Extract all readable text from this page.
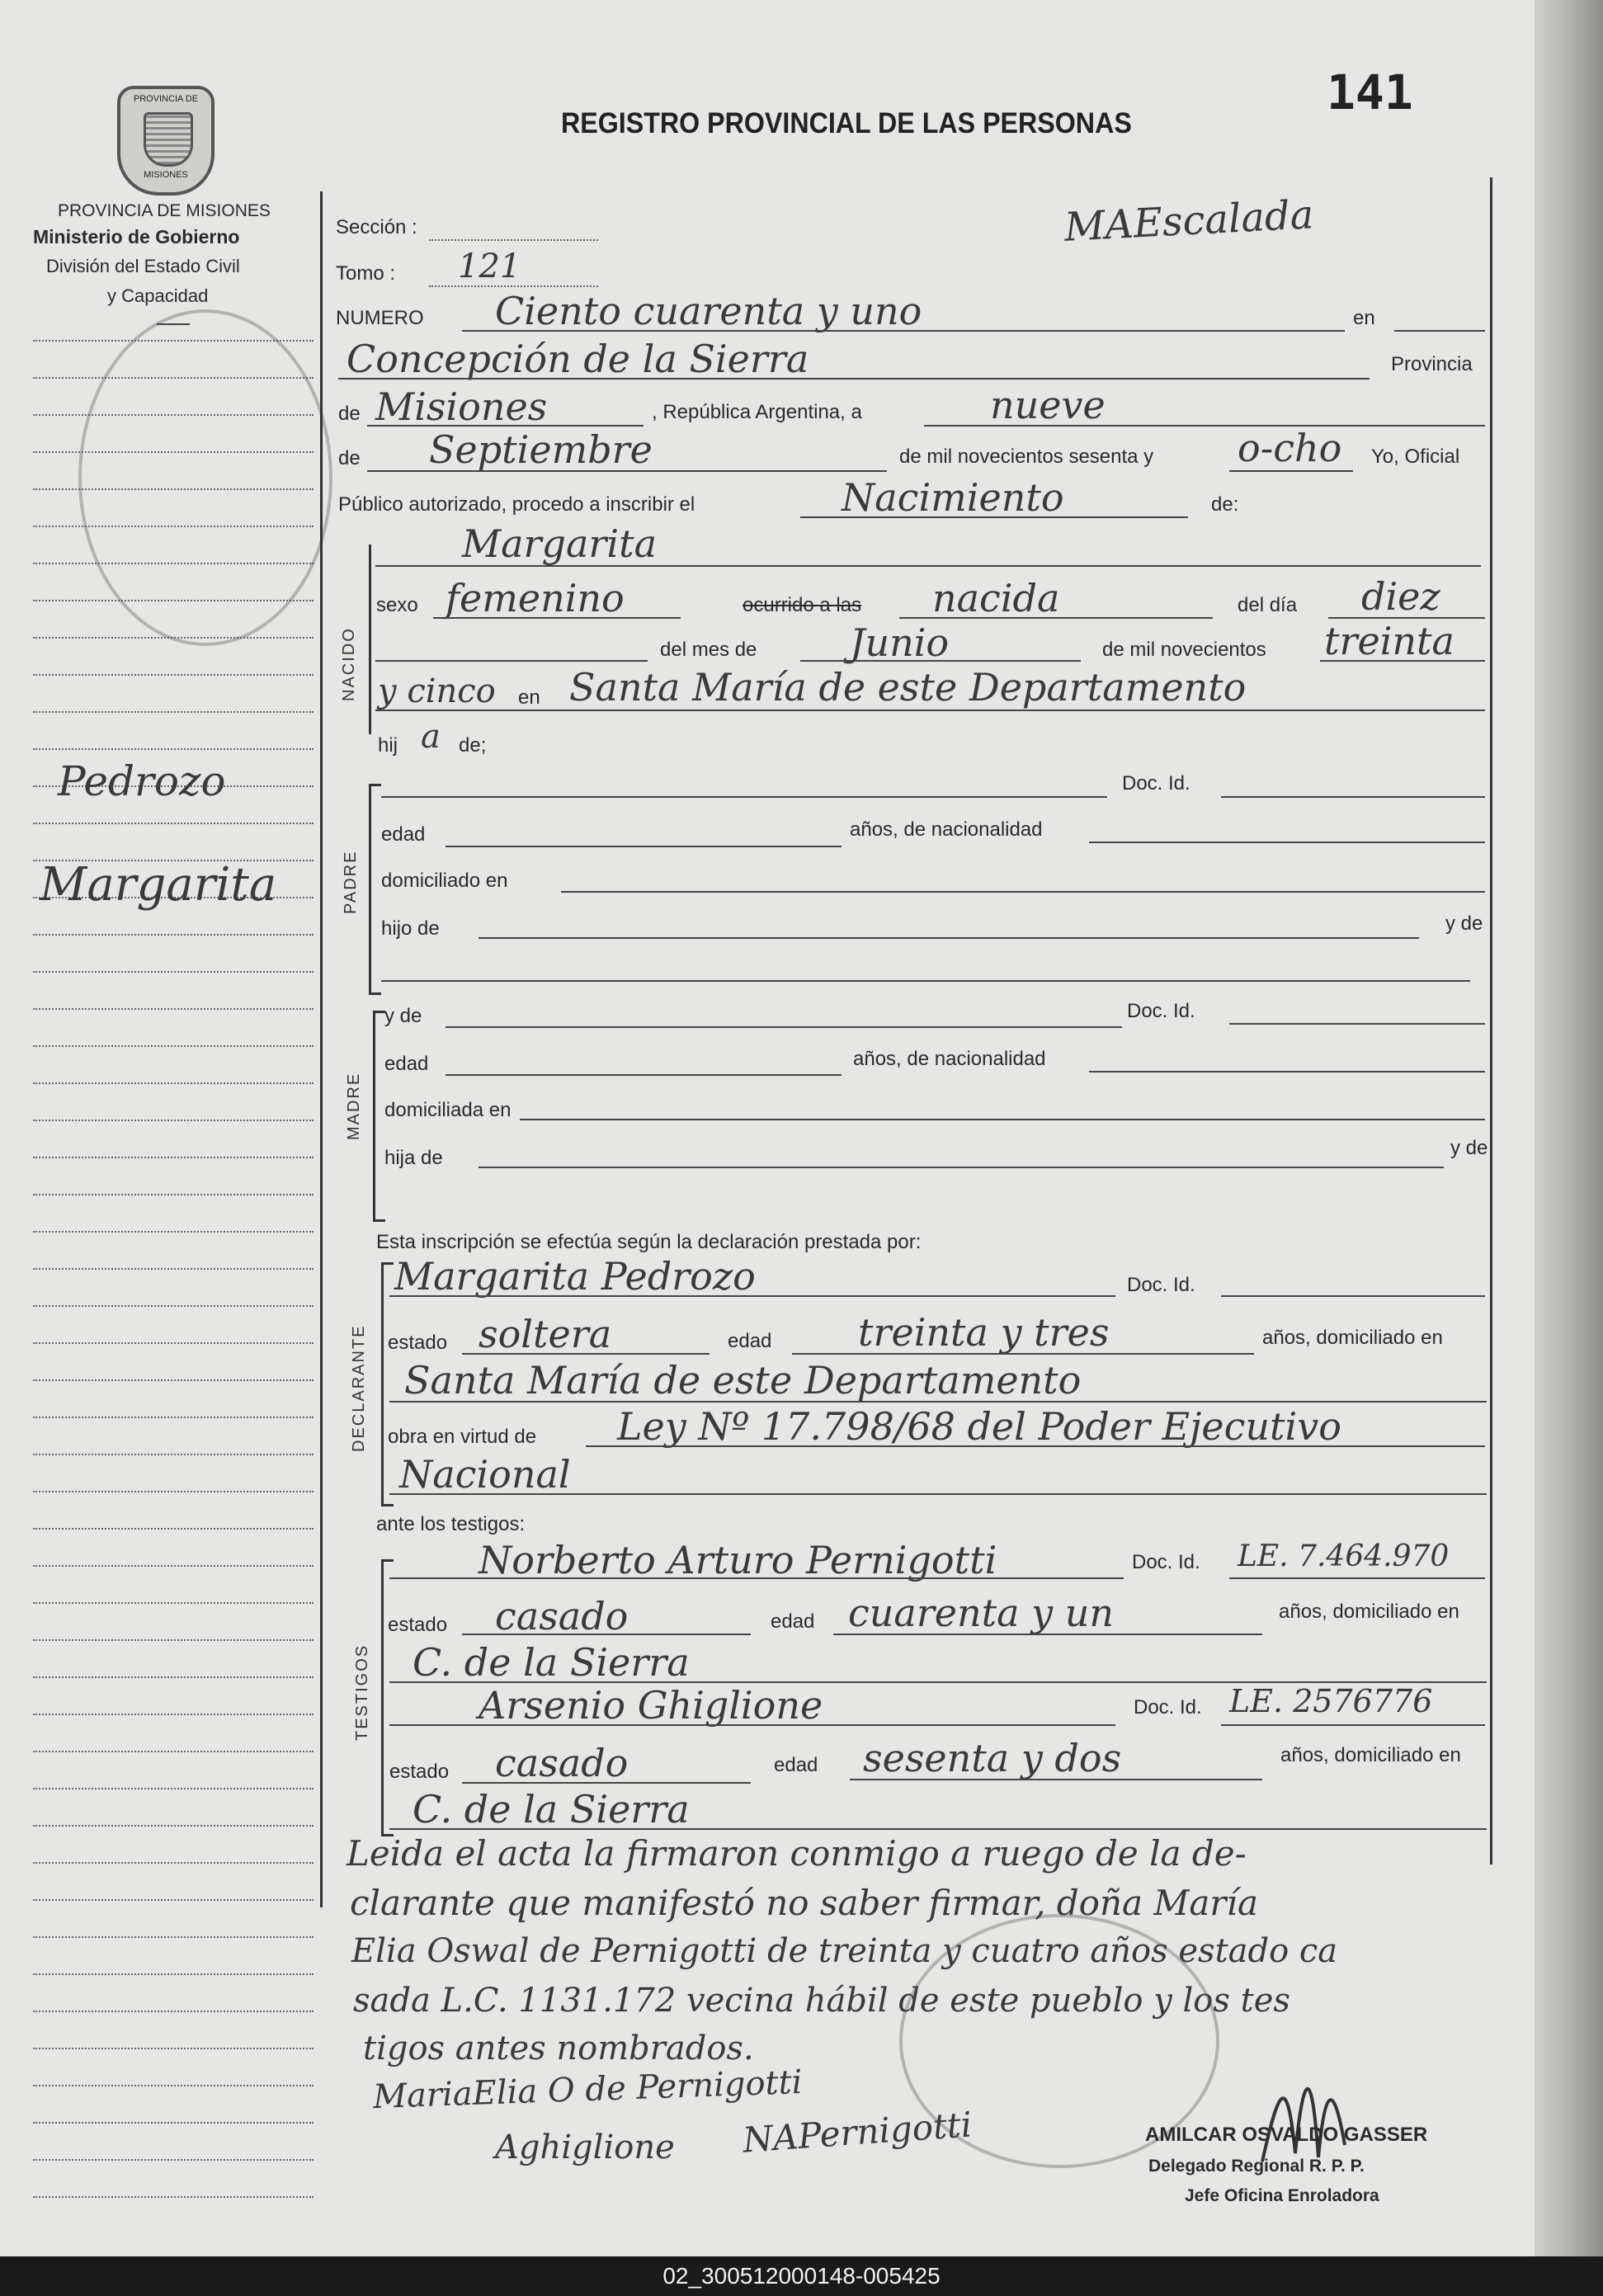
PROVINCIA DE
MISIONES
PROVINCIA DE MISIONES
Ministerio de Gobierno
División del Estado Civil
y Capacidad
Pedrozo
Margarita
141
REGISTRO PROVINCIAL DE LAS PERSONAS
MAEscalada
Sección :
Tomo : 121
NUMERO Ciento cuarenta y uno	en
Concepción de la Sierra	Provincia
de Misiones	, República Argentina, a	nueve
de Septiembre	de mil novecientos sesenta y o-cho Yo, Oficial
Público autorizado, procedo a inscribir el	Nacimiento	de:
NACIDO
Margarita
sexo femenino	ocurrido a las nacida	del día diez
del mes de Junio	de mil novecientos treinta
y cinco en Santa María de este Departamento
hij a de;
PADRE
Doc. Id.
edad	años, de nacionalidad
domiciliado en
hijo de	y de
MADRE
y de	Doc. Id.
edad	años, de nacionalidad
domiciliada en
hija de	y de
Esta inscripción se efectúa según la declaración prestada por:
DECLARANTE
Margarita Pedrozo	Doc. Id.
estado soltera	edad treinta y tres	años, domiciliado en
Santa María de este Departamento
obra en virtud de Ley Nº 17.798/68 del Poder Ejecutivo
Nacional
ante los testigos:
TESTIGOS
Norberto Arturo Pernigotti	Doc. Id. LE. 7.464.970
estado casado	edad cuarenta y un	años, domiciliado en
C. de la Sierra
Arsenio Ghiglione	Doc. Id. LE. 2576776
estado casado	edad sesenta y dos	años, domiciliado en
C. de la Sierra
Leida el acta la firmaron conmigo a ruego de la de-
clarante que manifestó no saber firmar, doña María
Elia Oswal de Pernigotti de treinta y cuatro años estado ca
sada L.C. 1131.172 vecina hábil de este pueblo y los tes
tigos antes nombrados.
MariaElia O de Pernigotti
Aghiglione NAPernigotti	AMILCAR OSVALDO GASSER
Delegado Regional R. P. P.
Jefe Oficina Enroladora
02_300512000148-005425
